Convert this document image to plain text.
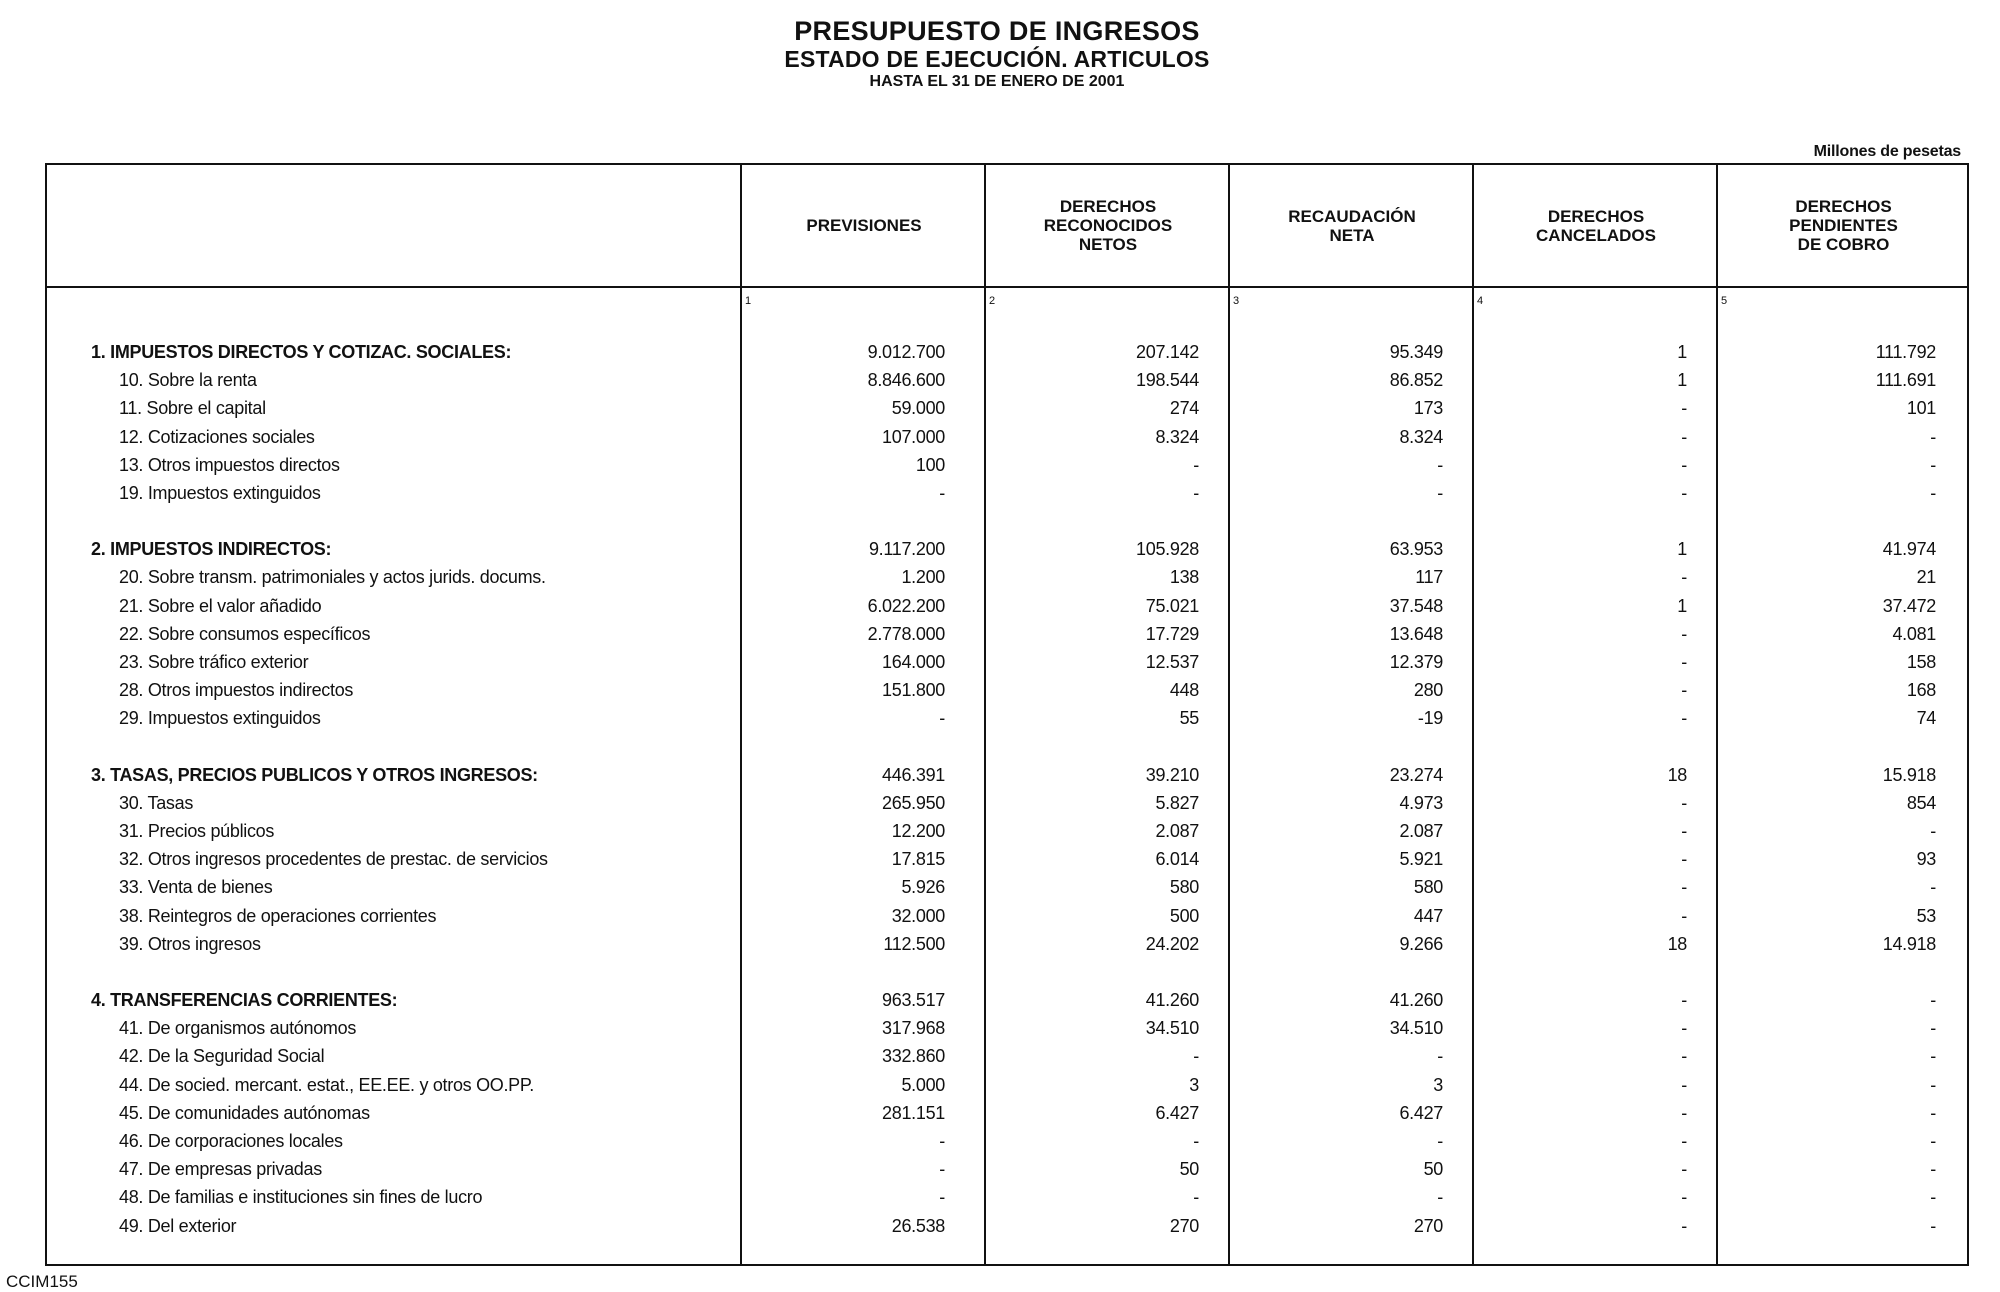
PRESUPUESTO DE INGRESOS
ESTADO DE EJECUCIÓN. ARTICULOS
HASTA EL 31 DE ENERO DE 2001
Millones de pesetas
PREVISIONES
1
DERECHOS
RECONOCIDOS
NETOS
2
RECAUDACIÓN
NETA
3
DERECHOS
CANCELADOS
4
DERECHOS
PENDIENTES
DE COBRO
5
1. IMPUESTOS DIRECTOS Y COTIZAC. SOCIALES:	9.012.700	207.142	95.349	1	111.792
10. Sobre la renta	8.846.600	198.544	86.852	1	111.691
11. Sobre el capital	59.000	274	173	-	101
12. Cotizaciones sociales	107.000	8.324	8.324	-	-
13. Otros impuestos directos	100	-	-	-	-
19. Impuestos extinguidos	-	-	-	-	-
2. IMPUESTOS INDIRECTOS:	9.117.200	105.928	63.953	1	41.974
20. Sobre transm. patrimoniales y actos jurids. docums.	1.200	138	117	-	21
21. Sobre el valor añadido	6.022.200	75.021	37.548	1	37.472
22. Sobre consumos específicos	2.778.000	17.729	13.648	-	4.081
23. Sobre tráfico exterior	164.000	12.537	12.379	-	158
28. Otros impuestos indirectos	151.800	448	280	-	168
29. Impuestos extinguidos	-	55	-19	-	74
3. TASAS, PRECIOS PUBLICOS Y OTROS INGRESOS:	446.391	39.210	23.274	18	15.918
30. Tasas	265.950	5.827	4.973	-	854
31. Precios públicos	12.200	2.087	2.087	-	-
32. Otros ingresos procedentes de prestac. de servicios	17.815	6.014	5.921	-	93
33. Venta de bienes	5.926	580	580	-	-
38. Reintegros de operaciones corrientes	32.000	500	447	-	53
39. Otros ingresos	112.500	24.202	9.266	18	14.918
4. TRANSFERENCIAS CORRIENTES:	963.517	41.260	41.260	-	-
41. De organismos autónomos	317.968	34.510	34.510	-	-
42. De la Seguridad Social	332.860	-	-	-	-
44. De socied. mercant. estat., EE.EE. y otros OO.PP.	5.000	3	3	-	-
45. De comunidades autónomas	281.151	6.427	6.427	-	-
46. De corporaciones locales	-	-	-	-	-
47. De empresas privadas	-	50	50	-	-
48. De familias e instituciones sin fines de lucro	-	-	-	-	-
49. Del exterior	26.538	270	270	-	-
CCIM155
